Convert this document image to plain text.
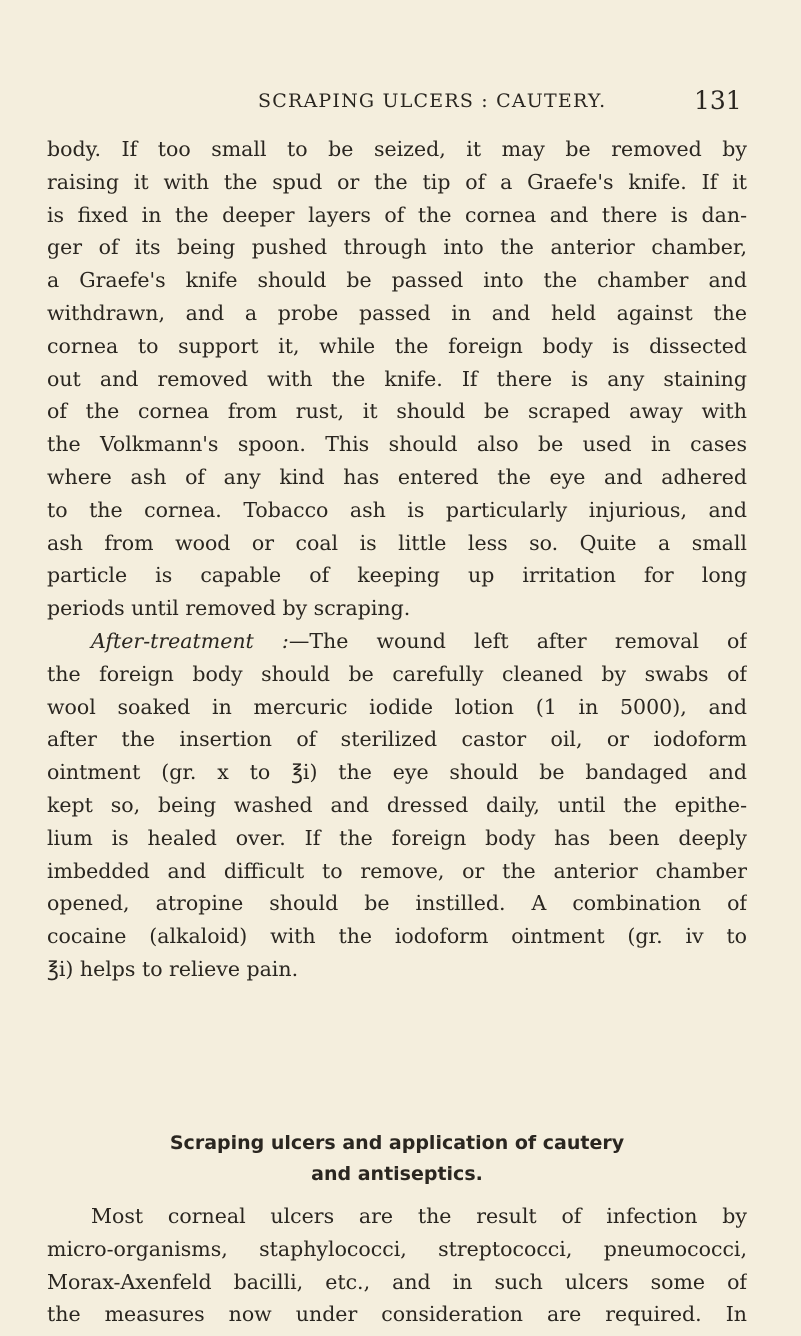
SCRAPING ULCERS : CAUTERY.	131
body. If too small to be seized, it may be removed by
raising it with the spud or the tip of a Graefe's knife. If it
is fixed in the deeper layers of the cornea and there is dan-
ger of its being pushed through into the anterior chamber,
a Graefe's knife should be passed into the chamber and
withdrawn, and a probe passed in and held against the
cornea to support it, while the foreign body is dissected
out and removed with the knife. If there is any staining
of the cornea from rust, it should be scraped away with
the Volkmann's spoon. This should also be used in cases
where ash of any kind has entered the eye and adhered
to the cornea. Tobacco ash is particularly injurious, and
ash from wood or coal is little less so. Quite a small
particle is capable of keeping up irritation for long
periods until removed by scraping.
After-treatment :—The wound left after removal of
the foreign body should be carefully cleaned by swabs of
wool soaked in mercuric iodide lotion (1 in 5000), and
after the insertion of sterilized castor oil, or iodoform
ointment (gr. x to ℥i) the eye should be bandaged and
kept so, being washed and dressed daily, until the epithe-
lium is healed over. If the foreign body has been deeply
imbedded and difficult to remove, or the anterior chamber
opened, atropine should be instilled. A combination of
cocaine (alkaloid) with the iodoform ointment (gr. iv to
℥i) helps to relieve pain.
Scraping ulcers and application of cautery
and antiseptics.
Most corneal ulcers are the result of infection by
micro-organisms, staphylococci, streptococci, pneumococci,
Morax-Axenfeld bacilli, etc., and in such ulcers some of
the measures now under consideration are required. In
